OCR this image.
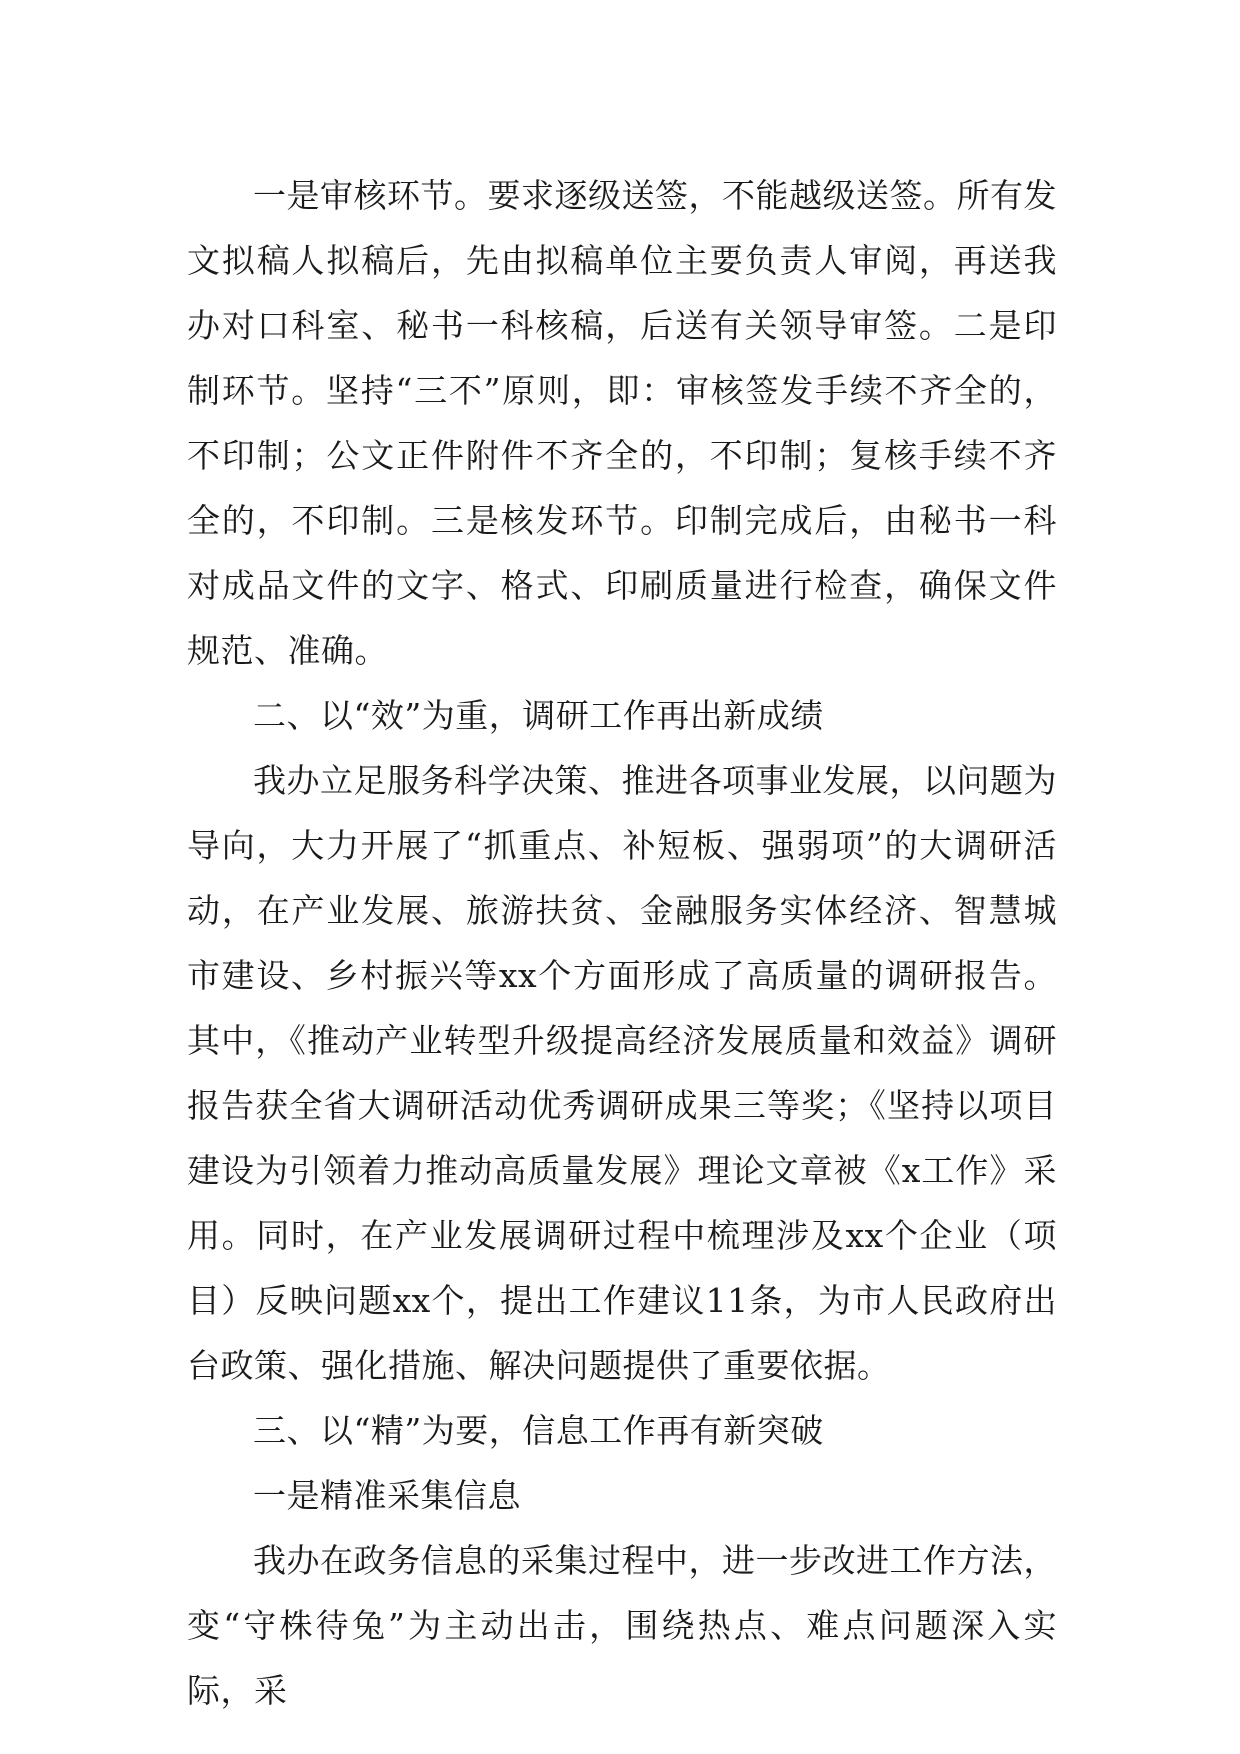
一是审核环节。要求逐级送签，不能越级送签。所有发文拟稿人拟稿后，先由拟稿单位主要负责人审阅，再送我办对口科室、秘书一科核稿，后送有关领导审签。二是印制环节。坚持“三不”原则，即：审核签发手续不齐全的，不印制；公文正件附件不齐全的，不印制；复核手续不齐全的，不印制。三是核发环节。印制完成后，由秘书一科对成品文件的文字、格式、印刷质量进行检查，确保文件规范、准确。

二、以“效”为重，调研工作再出新成绩

我办立足服务科学决策、推进各项事业发展，以问题为导向，大力开展了“抓重点、补短板、强弱项”的大调研活动，在产业发展、旅游扶贫、金融服务实体经济、智慧城市建设、乡村振兴等xx个方面形成了高质量的调研报告。其中，《推动产业转型升级提高经济发展质量和效益》调研报告获全省大调研活动优秀调研成果三等奖；《坚持以项目建设为引领着力推动高质量发展》理论文章被《x工作》采用。同时，在产业发展调研过程中梳理涉及xx个企业（项目）反映问题xx个，提出工作建议11条，为市人民政府出台政策、强化措施、解决问题提供了重要依据。

三、以“精”为要，信息工作再有新突破

一是精准采集信息

我办在政务信息的采集过程中，进一步改进工作方法，变“守株待兔”为主动出击，围绕热点、难点问题深入实际，采
